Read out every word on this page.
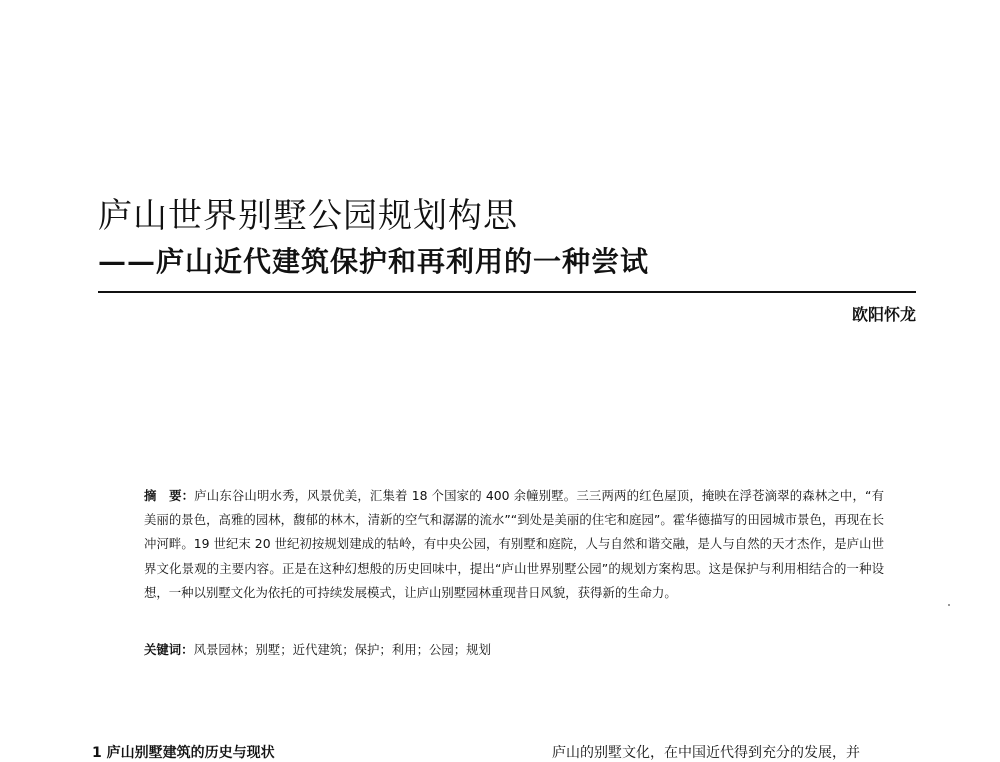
庐山世界别墅公园规划构思
——庐山近代建筑保护和再利用的一种尝试
欧阳怀龙
摘　要：庐山东谷山明水秀，风景优美，汇集着 18 个国家的 400 余幢别墅。三三两两的红色屋顶，掩映在浮苍滴翠的森林之中，“有美丽的景色，高雅的园林，馥郁的林木，清新的空气和潺潺的流水”“到处是美丽的住宅和庭园”。霍华德描写的田园城市景色，再现在长冲河畔。19 世纪末 20 世纪初按规划建成的牯岭，有中央公园，有别墅和庭院，人与自然和谐交融，是人与自然的天才杰作，是庐山世界文化景观的主要内容。正是在这种幻想般的历史回味中，提出“庐山世界别墅公园”的规划方案构思。这是保护与利用相结合的一种设想，一种以别墅文化为依托的可持续发展模式，让庐山别墅园林重现昔日风貌，获得新的生命力。
关键词：风景园林；别墅；近代建筑；保护；利用；公园；规划
1 庐山别墅建筑的历史与现状	庐山的别墅文化，在中国近代得到充分的发展，并
